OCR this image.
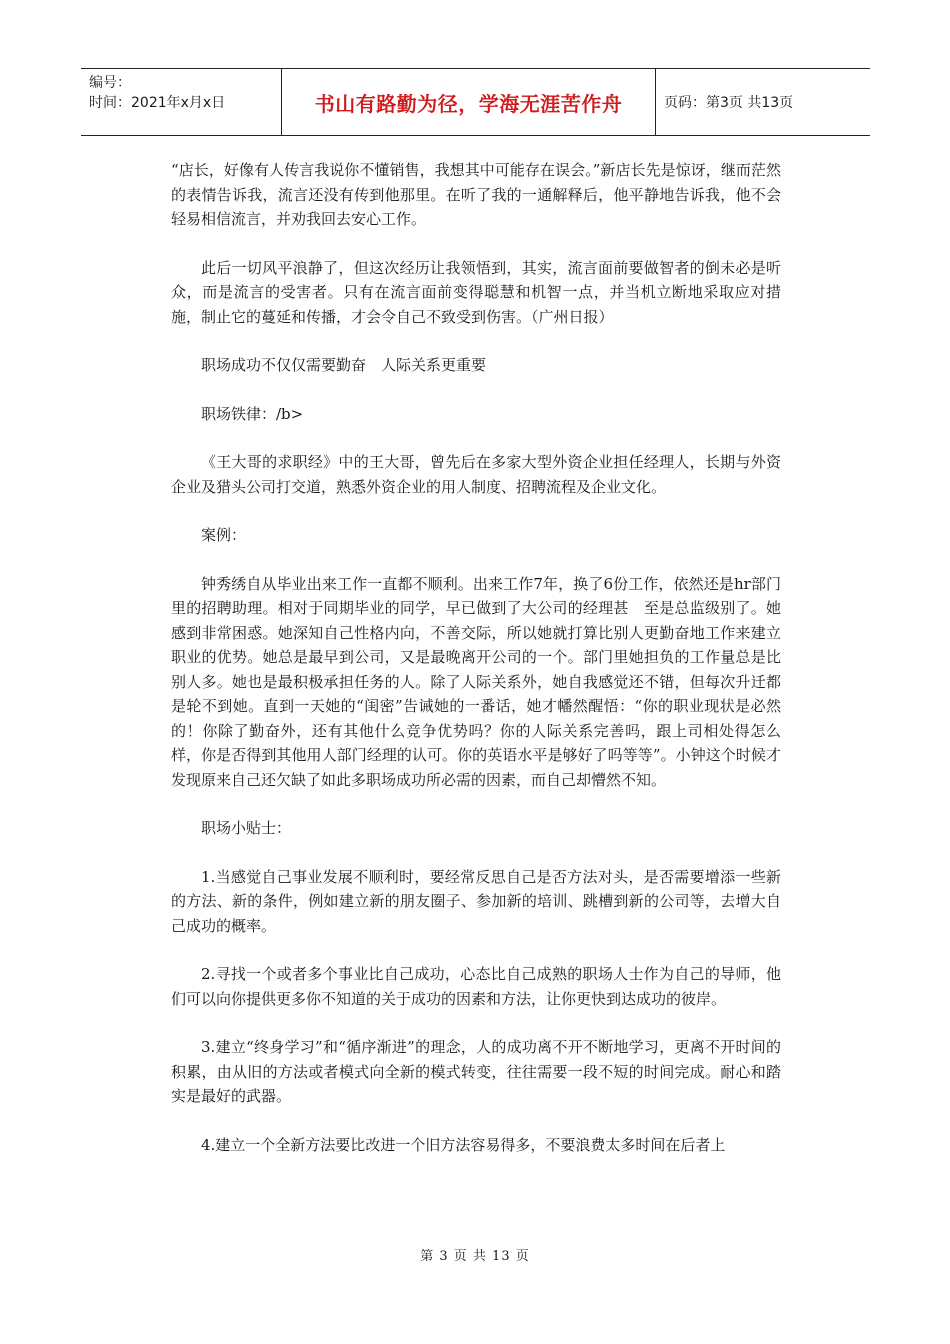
编号：
时间：2021年x月x日	书山有路勤为径，学海无涯苦作舟	页码：第3页 共13页

“店长，好像有人传言我说你不懂销售，我想其中可能存在误会。”新店长先是惊讶，继而茫然的表情告诉我，流言还没有传到他那里。在听了我的一通解释后，他平静地告诉我，他不会轻易相信流言，并劝我回去安心工作。

此后一切风平浪静了，但这次经历让我领悟到，其实，流言面前要做智者的倒未必是听众，而是流言的受害者。只有在流言面前变得聪慧和机智一点，并当机立断地采取应对措施，制止它的蔓延和传播，才会令自己不致受到伤害。（广州日报）

职场成功不仅仅需要勤奋　人际关系更重要

职场铁律：/b>

《王大哥的求职经》中的王大哥，曾先后在多家大型外资企业担任经理人，长期与外资企业及猎头公司打交道，熟悉外资企业的用人制度、招聘流程及企业文化。

案例：

钟秀绣自从毕业出来工作一直都不顺利。出来工作7年，换了6份工作，依然还是hr部门里的招聘助理。相对于同期毕业的同学，早已做到了大公司的经理甚　至是总监级别了。她感到非常困惑。她深知自己性格内向，不善交际，所以她就打算比别人更勤奋地工作来建立职业的优势。她总是最早到公司，又是最晚离开公司的一个。部门里她担负的工作量总是比别人多。她也是最积极承担任务的人。除了人际关系外，她自我感觉还不错，但每次升迁都是轮不到她。直到一天她的“闺密”告诫她的一番话，她才幡然醒悟：“你的职业现状是必然的！你除了勤奋外，还有其他什么竞争优势吗？你的人际关系完善吗，跟上司相处得怎么样，你是否得到其他用人部门经理的认可。你的英语水平是够好了吗等等”。小钟这个时候才发现原来自己还欠缺了如此多职场成功所必需的因素，而自己却懵然不知。

职场小贴士：

1.当感觉自己事业发展不顺利时，要经常反思自己是否方法对头，是否需要增添一些新的方法、新的条件，例如建立新的朋友圈子、参加新的培训、跳槽到新的公司等，去增大自己成功的概率。

2.寻找一个或者多个事业比自己成功，心态比自己成熟的职场人士作为自己的导师，他们可以向你提供更多你不知道的关于成功的因素和方法，让你更快到达成功的彼岸。

3.建立“终身学习”和“循序渐进”的理念，人的成功离不开不断地学习，更离不开时间的积累，由从旧的方法或者模式向全新的模式转变，往往需要一段不短的时间完成。耐心和踏实是最好的武器。

4.建立一个全新方法要比改进一个旧方法容易得多，不要浪费太多时间在后者上

第 3 页 共 13 页
